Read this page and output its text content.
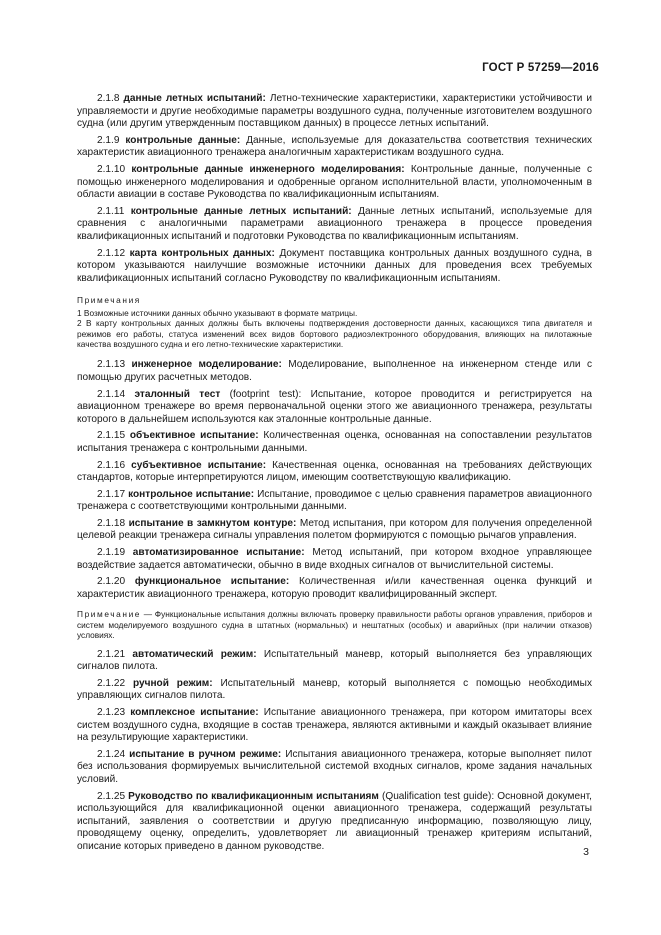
ГОСТ Р 57259—2016

2.1.8 данные летных испытаний: Летно-технические характеристики, характеристики устойчивости и управляемости и другие необходимые параметры воздушного судна, полученные изготовителем воздушного судна (или другим утвержденным поставщиком данных) в процессе летных испытаний.

2.1.9 контрольные данные: Данные, используемые для доказательства соответствия технических характеристик авиационного тренажера аналогичным характеристикам воздушного судна.

2.1.10 контрольные данные инженерного моделирования: Контрольные данные, полученные с помощью инженерного моделирования и одобренные органом исполнительной власти, уполномоченным в области авиации в составе Руководства по квалификационным испытаниям.

2.1.11 контрольные данные летных испытаний: Данные летных испытаний, используемые для сравнения с аналогичными параметрами авиационного тренажера в процессе проведения квалификационных испытаний и подготовки Руководства по квалификационным испытаниям.

2.1.12 карта контрольных данных: Документ поставщика контрольных данных воздушного судна, в котором указываются наилучшие возможные источники данных для проведения всех требуемых квалификационных испытаний согласно Руководству по квалификационным испытаниям.

Примечания

1 Возможные источники данных обычно указывают в формате матрицы.

2 В карту контрольных данных должны быть включены подтверждения достоверности данных, касающихся типа двигателя и режимов его работы, статуса изменений всех видов бортового радиоэлектронного оборудования, влияющих на пилотажные качества воздушного судна и его летно-технические характеристики.

2.1.13 инженерное моделирование: Моделирование, выполненное на инженерном стенде или с помощью других расчетных методов.

2.1.14 эталонный тест (footprint test): Испытание, которое проводится и регистрируется на авиационном тренажере во время первоначальной оценки этого же авиационного тренажера, результаты которого в дальнейшем используются как эталонные контрольные данные.

2.1.15 объективное испытание: Количественная оценка, основанная на сопоставлении результатов испытания тренажера с контрольными данными.

2.1.16 субъективное испытание: Качественная оценка, основанная на требованиях действующих стандартов, которые интерпретируются лицом, имеющим соответствующую квалификацию.

2.1.17 контрольное испытание: Испытание, проводимое с целью сравнения параметров авиационного тренажера с соответствующими контрольными данными.

2.1.18 испытание в замкнутом контуре: Метод испытания, при котором для получения определенной целевой реакции тренажера сигналы управления полетом формируются с помощью рычагов управления.

2.1.19 автоматизированное испытание: Метод испытаний, при котором входное управляющее воздействие задается автоматически, обычно в виде входных сигналов от вычислительной системы.

2.1.20 функциональное испытание: Количественная и/или качественная оценка функций и характеристик авиационного тренажера, которую проводит квалифицированный эксперт.

Примечание — Функциональные испытания должны включать проверку правильности работы органов управления, приборов и систем моделируемого воздушного судна в штатных (нормальных) и нештатных (особых) и аварийных (при наличии отказов) условиях.

2.1.21 автоматический режим: Испытательный маневр, который выполняется без управляющих сигналов пилота.

2.1.22 ручной режим: Испытательный маневр, который выполняется с помощью необходимых управляющих сигналов пилота.

2.1.23 комплексное испытание: Испытание авиационного тренажера, при котором имитаторы всех систем воздушного судна, входящие в состав тренажера, являются активными и каждый оказывает влияние на результирующие характеристики.

2.1.24 испытание в ручном режиме: Испытания авиационного тренажера, которые выполняет пилот без использования формируемых вычислительной системой входных сигналов, кроме задания начальных условий.

2.1.25 Руководство по квалификационным испытаниям (Qualification test guide): Основной документ, использующийся для квалификационной оценки авиационного тренажера, содержащий результаты испытаний, заявления о соответствии и другую предписанную информацию, позволяющую лицу, проводящему оценку, определить, удовлетворяет ли авиационный тренажер критериям испытаний, описание которых приведено в данном руководстве.	3
